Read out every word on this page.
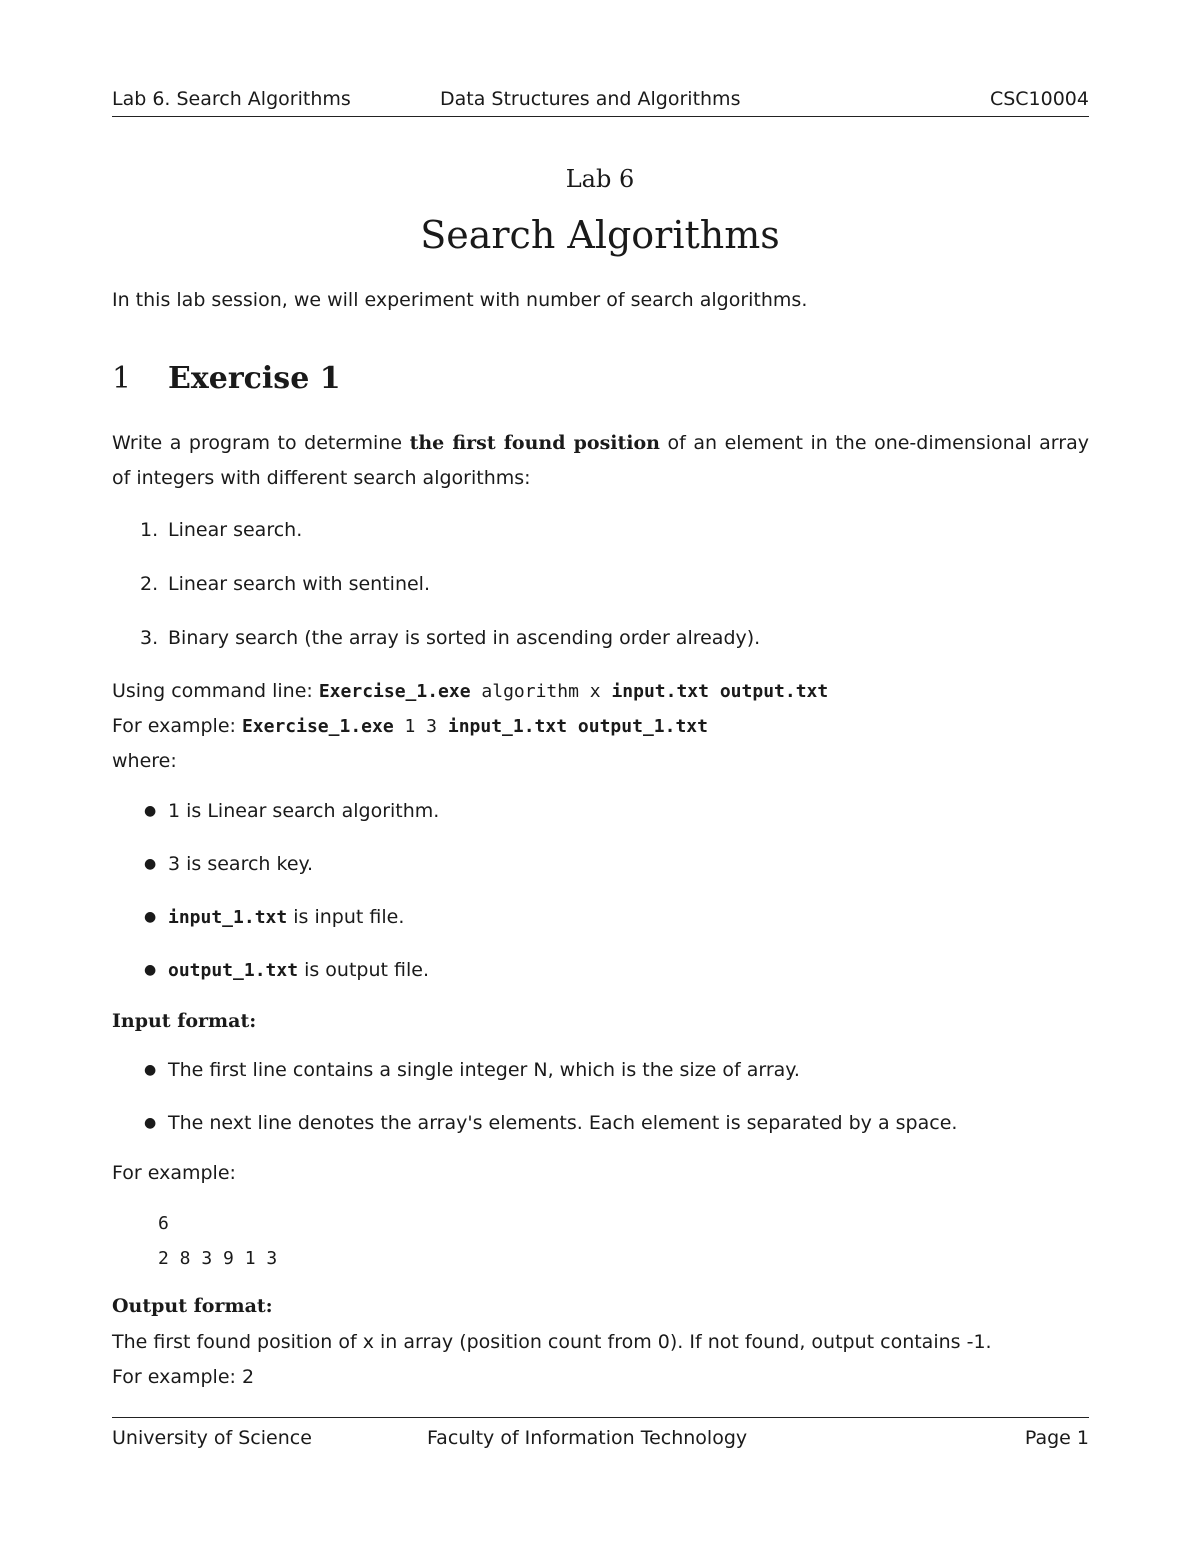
Lab 6. Search Algorithms	Data Structures and Algorithms	CSC10004
Lab 6
Search Algorithms
In this lab session, we will experiment with number of search algorithms.
1 Exercise 1
Write a program to determine the first found position of an element in the one-dimensional array of integers with different search algorithms:
1. Linear search.
2. Linear search with sentinel.
3. Binary search (the array is sorted in ascending order already).
Using command line: Exercise_1.exe algorithm x input.txt output.txt
For example: Exercise_1.exe 1 3 input_1.txt output_1.txt
where:
● 1 is Linear search algorithm.
● 3 is search key.
● input_1.txt is input file.
● output_1.txt is output file.
Input format:
● The first line contains a single integer N, which is the size of array.
● The next line denotes the array's elements. Each element is separated by a space.
For example:
6
2 8 3 9 1 3
Output format:
The first found position of x in array (position count from 0). If not found, output contains -1.
For example: 2
University of Science	Faculty of Information Technology	Page 1
